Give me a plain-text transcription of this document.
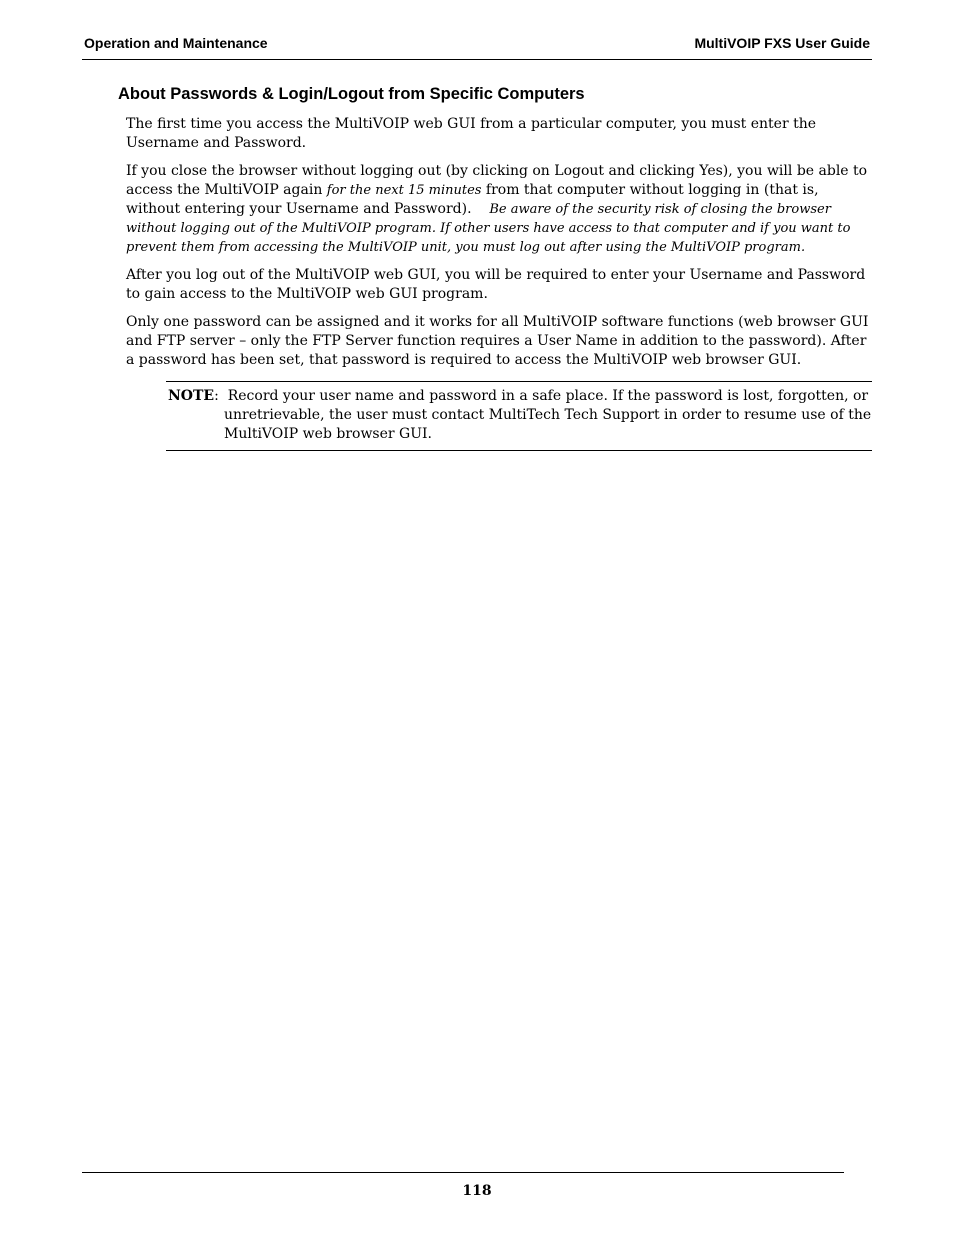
Operation and Maintenance	MultiVOIP FXS User Guide
About Passwords & Login/Logout from Specific Computers

The first time you access the MultiVOIP web GUI from a particular computer, you must enter the Username and Password.

If you close the browser without logging out (by clicking on Logout and clicking Yes), you will be able to access the MultiVOIP again for the next 15 minutes from that computer without logging in (that is, without entering your Username and Password). Be aware of the security risk of closing the browser without logging out of the MultiVOIP program. If other users have access to that computer and if you want to prevent them from accessing the MultiVOIP unit, you must log out after using the MultiVOIP program.

After you log out of the MultiVOIP web GUI, you will be required to enter your Username and Password to gain access to the MultiVOIP web GUI program.

Only one password can be assigned and it works for all MultiVOIP software functions (web browser GUI and FTP server – only the FTP Server function requires a User Name in addition to the password). After a password has been set, that password is required to access the MultiVOIP web browser GUI.

NOTE:  Record your user name and password in a safe place. If the password is lost, forgotten, or unretrievable, the user must contact MultiTech Tech Support in order to resume use of the MultiVOIP web browser GUI.
118
